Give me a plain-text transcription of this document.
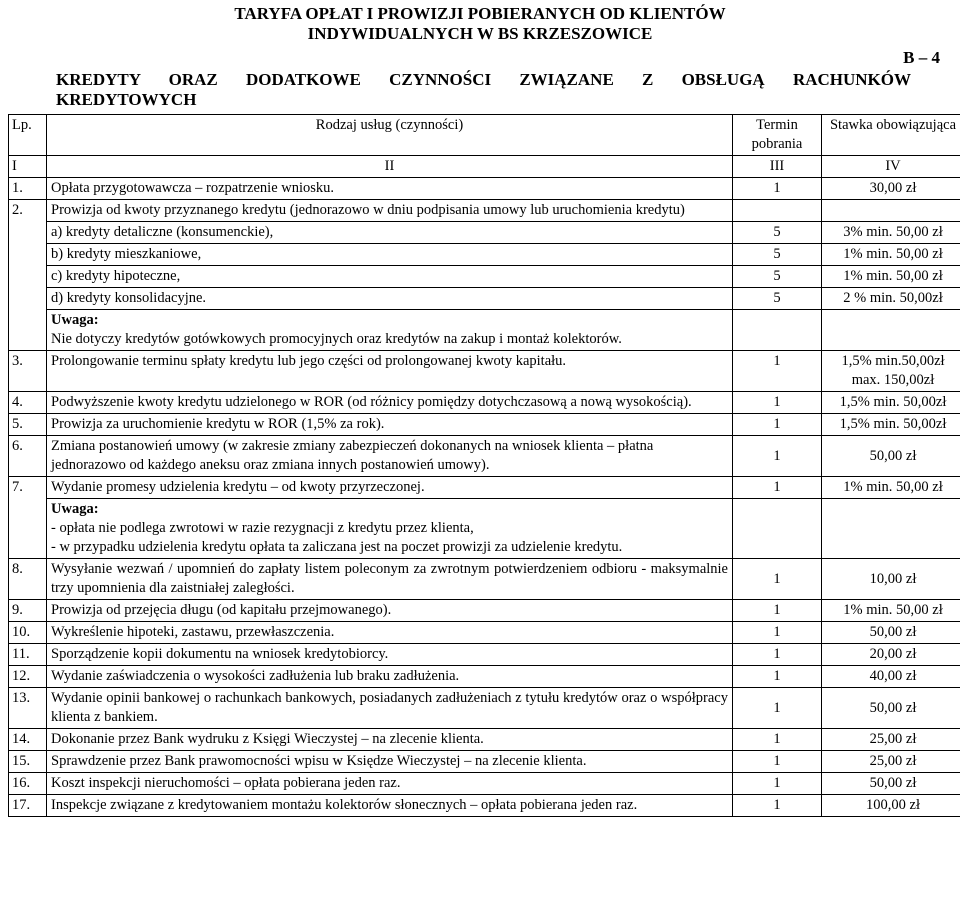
TARYFA OPŁAT I PROWIZJI POBIERANYCH OD KLIENTÓW
INDYWIDUALNYCH W BS KRZESZOWICE
B – 4
KREDYTY ORAZ DODATKOWE CZYNNOŚCI ZWIĄZANE Z OBSŁUGĄ RACHUNKÓW
KREDYTOWYCH
Lp.	Rodzaj usług (czynności)	Termin pobrania	Stawka obowiązująca
I	II	III	IV
1.	Opłata przygotowawcza – rozpatrzenie wniosku.	1	30,00 zł
2.	Prowizja od kwoty przyznanego kredytu (jednorazowo w dniu podpisania umowy lub uruchomienia kredytu)		
	a) kredyty detaliczne (konsumenckie),	5	3% min. 50,00 zł
	b) kredyty mieszkaniowe,	5	1% min. 50,00 zł
	c) kredyty hipoteczne,	5	1% min. 50,00 zł
	d) kredyty konsolidacyjne.	5	2 % min. 50,00zł

	Uwaga:
Nie dotyczy kredytów gotówkowych promocyjnych oraz kredytów na zakup i montaż kolektorów.		

3.	Prolongowanie terminu spłaty kredytu lub jego części od prolongowanej kwoty kapitału.	1	1,5% min.50,00zł
max. 150,00zł

4.	Podwyższenie kwoty kredytu udzielonego w ROR (od różnicy pomiędzy dotychczasową a nową wysokością).	1	1,5% min. 50,00zł
5.	Prowizja za uruchomienie kredytu w ROR (1,5% za rok).	1	1,5% min. 50,00zł
6.	Zmiana postanowień umowy (w zakresie zmiany zabezpieczeń dokonanych na wniosek klienta – płatna jednorazowo od każdego aneksu oraz zmiana innych postanowień umowy).	1	50,00 zł
7.	Wydanie promesy udzielenia kredytu – od kwoty przyrzeczonej.	1	1% min. 50,00 zł

	Uwaga:
- opłata nie podlega zwrotowi w razie rezygnacji z kredytu przez klienta,
- w przypadku udzielenia kredytu opłata ta zaliczana jest na poczet prowizji za udzielenie kredytu.		

8.	Wysyłanie wezwań / upomnień do zapłaty listem poleconym za zwrotnym potwierdzeniem odbioru - maksymalnie trzy upomnienia dla zaistniałej zaległości.	1	10,00 zł
9.	Prowizja od przejęcia długu (od kapitału przejmowanego).	1	1% min. 50,00 zł
10.	Wykreślenie hipoteki, zastawu, przewłaszczenia.	1	50,00 zł
11.	Sporządzenie kopii dokumentu na wniosek kredytobiorcy.	1	20,00 zł
12.	Wydanie zaświadczenia o wysokości zadłużenia lub braku zadłużenia.	1	40,00 zł
13.	Wydanie opinii bankowej o rachunkach bankowych, posiadanych zadłużeniach z tytułu kredytów oraz o współpracy klienta z bankiem.	1	50,00 zł
14.	Dokonanie przez Bank wydruku z Księgi Wieczystej – na zlecenie klienta.	1	25,00 zł
15.	Sprawdzenie przez Bank prawomocności wpisu w Księdze Wieczystej – na zlecenie klienta.	1	25,00 zł
16.	Koszt inspekcji nieruchomości – opłata pobierana jeden raz.	1	50,00 zł
17.	Inspekcje związane z kredytowaniem montażu kolektorów słonecznych – opłata pobierana jeden raz.	1	100,00 zł
